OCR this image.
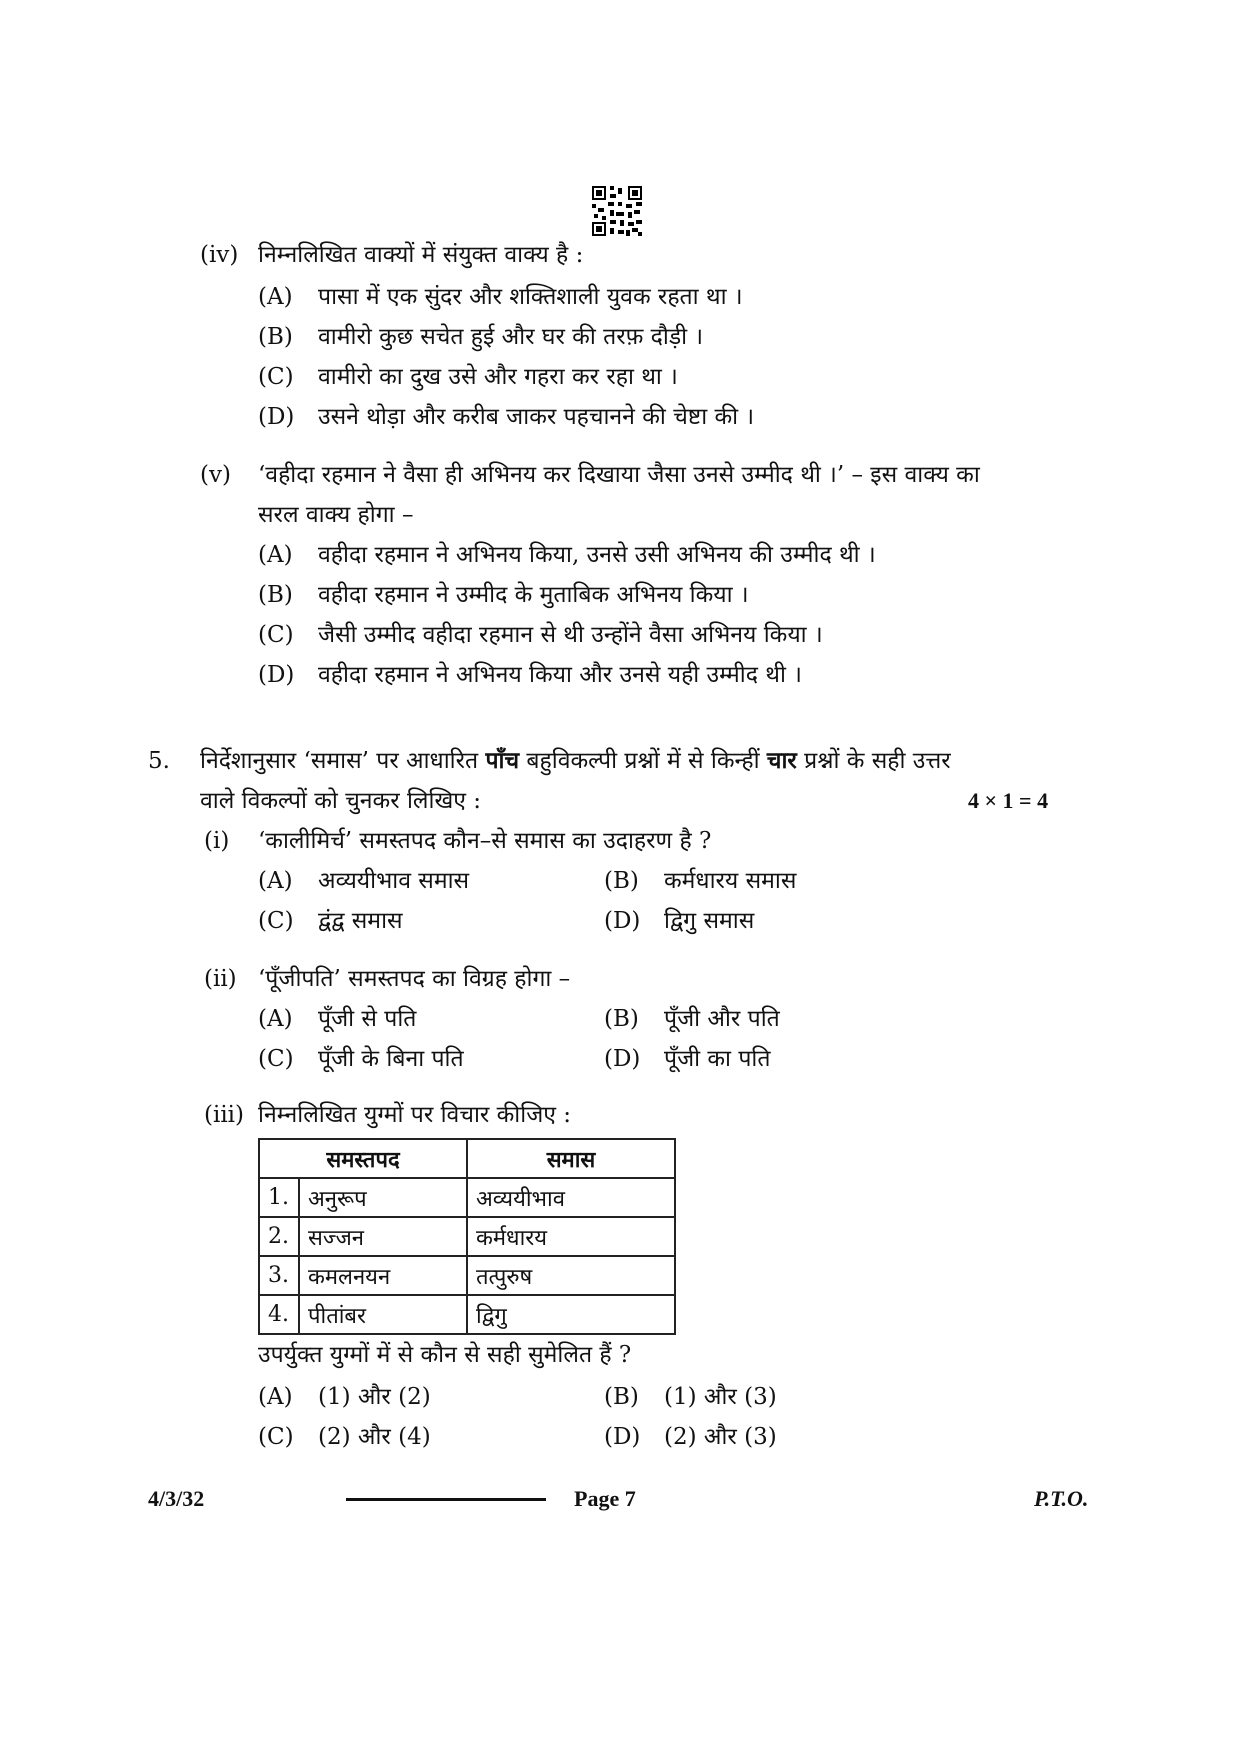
(iv) निम्नलिखित वाक्यों में संयुक्त वाक्य है :
(A) पासा में एक सुंदर और शक्तिशाली युवक रहता था ।
(B) वामीरो कुछ सचेत हुई और घर की तरफ़ दौड़ी ।
(C) वामीरो का दुख उसे और गहरा कर रहा था ।
(D) उसने थोड़ा और करीब जाकर पहचानने की चेष्टा की ।
(v) ‘वहीदा रहमान ने वैसा ही अभिनय कर दिखाया जैसा उनसे उम्मीद थी ।’ – इस वाक्य का
सरल वाक्य होगा –
(A) वहीदा रहमान ने अभिनय किया, उनसे उसी अभिनय की उम्मीद थी ।
(B) वहीदा रहमान ने उम्मीद के मुताबिक अभिनय किया ।
(C) जैसी उम्मीद वहीदा रहमान से थी उन्होंने वैसा अभिनय किया ।
(D) वहीदा रहमान ने अभिनय किया और उनसे यही उम्मीद थी ।
5. निर्देशानुसार ‘समास’ पर आधारित पाँच बहुविकल्पी प्रश्नों में से किन्हीं चार प्रश्नों के सही उत्तर
वाले विकल्पों को चुनकर लिखिए :	4 × 1 = 4
(i) ‘कालीमिर्च’ समस्तपद कौन–से समास का उदाहरण है ?
(A) अव्ययीभाव समास	(B) कर्मधारय समास
(C) द्वंद्व समास	(D) द्विगु समास
(ii) ‘पूँजीपति’ समस्तपद का विग्रह होगा –
(A) पूँजी से पति	(B) पूँजी और पति
(C) पूँजी के बिना पति	(D) पूँजी का पति
(iii) निम्नलिखित युग्मों पर विचार कीजिए :
समस्तपद		समास
1.	अनुरूप	अव्ययीभाव
2.	सज्जन	कर्मधारय
3.	कमलनयन	तत्पुरुष
4.	पीतांबर	द्विगु
उपर्युक्त युग्मों में से कौन से सही सुमेलित हैं ?
(A) (1) और (2)	(B) (1) और (3)
(C) (2) और (4)	(D) (2) और (3)
4/3/32	Page 7	P.T.O.
